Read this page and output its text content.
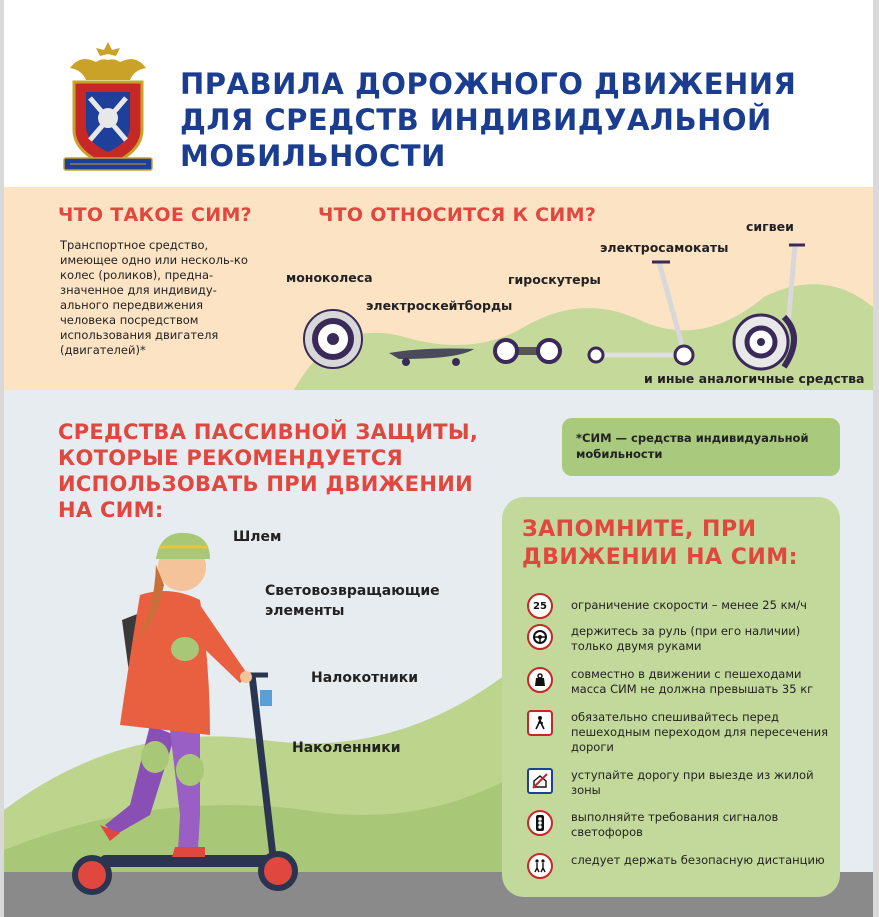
ПРАВИЛА ДОРОЖНОГО ДВИЖЕНИЯ
ДЛЯ СРЕДСТВ ИНДИВИДУАЛЬНОЙ
МОБИЛЬНОСТИ
ЧТО ТАКОЕ СИМ?	ЧТО ОТНОСИТСЯ К СИМ?
Транспортное средство, имеющее одно или несколь-ко колес (роликов), предна-значенное для индивиду-ального передвижения человека посредством использования двигателя (двигателей)*
моноколеса
электроскейтборды
гироскутеры
электросамокаты
сигвеи
и иные аналогичные средства
СРЕДСТВА ПАССИВНОЙ ЗАЩИТЫ,
КОТОРЫЕ РЕКОМЕНДУЕТСЯ
ИСПОЛЬЗОВАТЬ ПРИ ДВИЖЕНИИ
НА СИМ:
*СИМ — средства индивидуальной мобильности
Шлем
Световозвращающие элементы
Налокотники
Наколенники
ЗАПОМНИТЕ, ПРИ
ДВИЖЕНИИ НА СИМ:
25	ограничение скорости – менее 25 км/ч
держитесь за руль (при его наличии) только двумя руками
совместно в движении с пешеходами масса СИМ не должна превышать 35 кг
обязательно спешивайтесь перед пешеходным переходом для пересечения дороги
уступайте дорогу при выезде из жилой зоны
выполняйте требования сигналов светофоров
следует держать безопасную дистанцию
